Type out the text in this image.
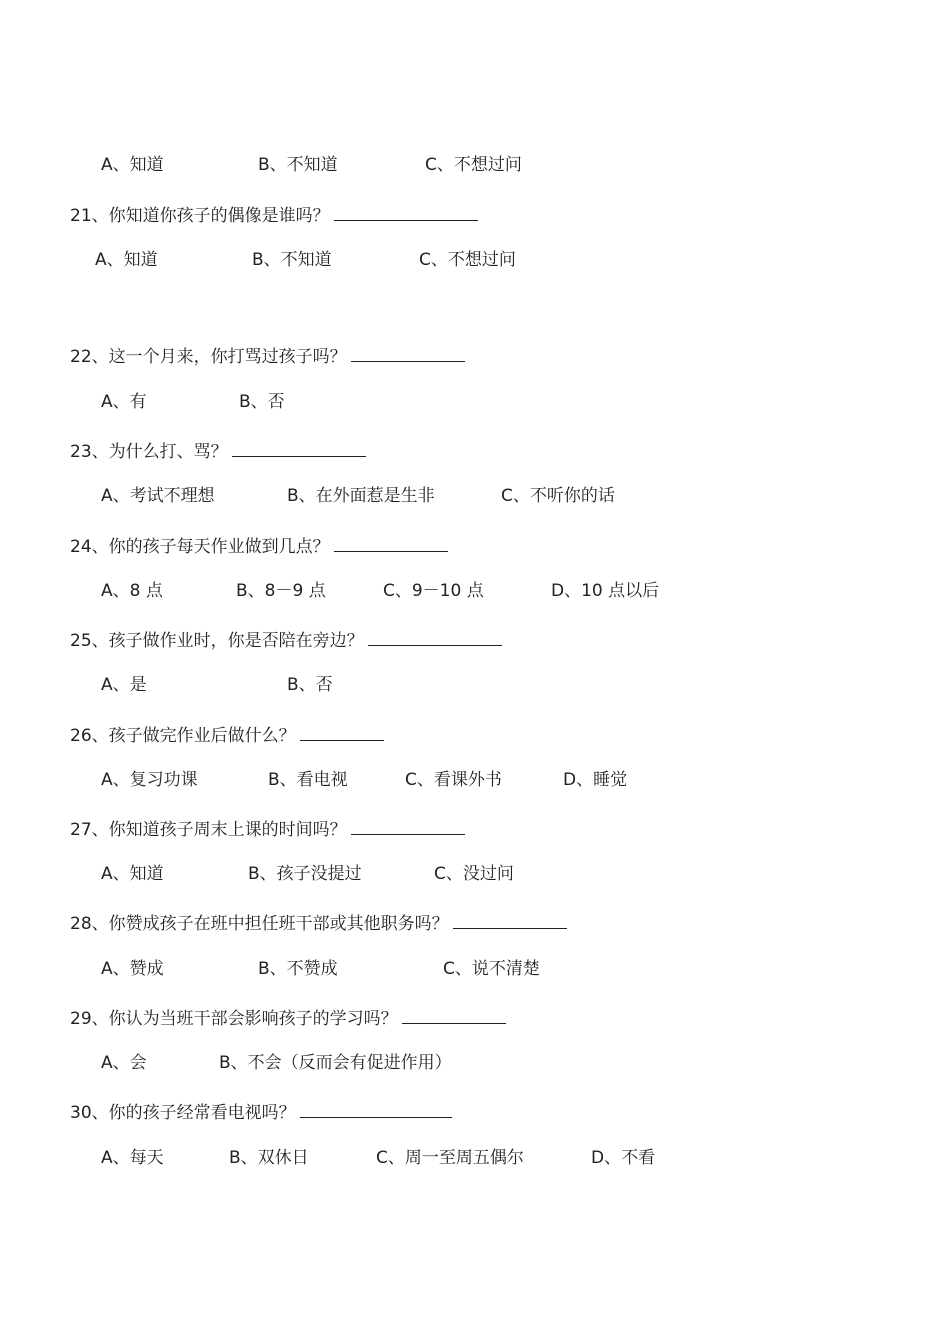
A、知道	B、不知道	C、不想过问
21、你知道你孩子的偶像是谁吗？
A、知道	B、不知道	C、不想过问
22、这一个月来，你打骂过孩子吗？
A、有	B、否
23、为什么打、骂？
A、考试不理想	B、在外面惹是生非	C、不听你的话
24、你的孩子每天作业做到几点？
A、8 点	B、8－9 点	C、9－10 点	D、10 点以后
25、孩子做作业时，你是否陪在旁边？
A、是	B、否
26、孩子做完作业后做什么？
A、复习功课	B、看电视	C、看课外书	D、睡觉
27、你知道孩子周末上课的时间吗？
A、知道	B、孩子没提过	C、没过问
28、你赞成孩子在班中担任班干部或其他职务吗？
A、赞成	B、不赞成	C、说不清楚
29、你认为当班干部会影响孩子的学习吗？
A、会	B、不会（反而会有促进作用）
30、你的孩子经常看电视吗？
A、每天	B、双休日	C、周一至周五偶尔	D、不看
